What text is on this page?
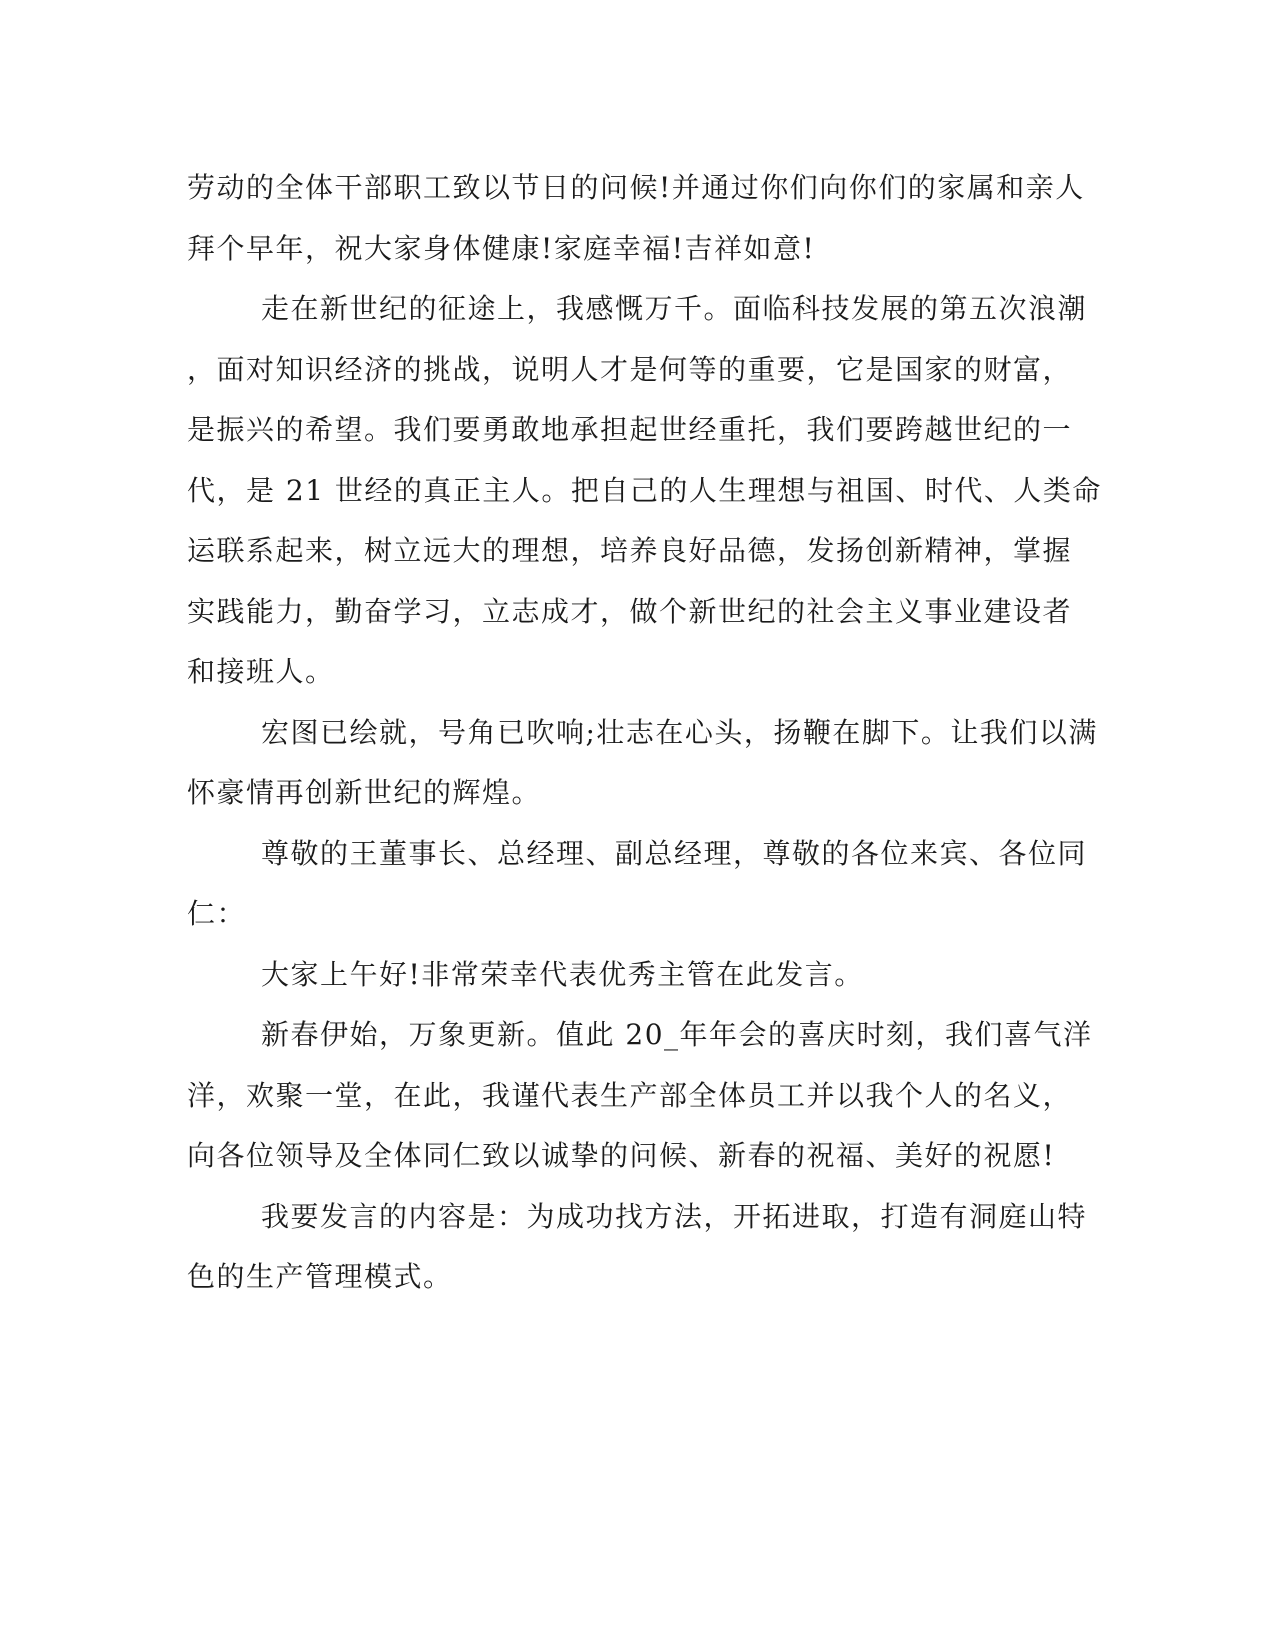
劳动的全体干部职工致以节日的问候!并通过你们向你们的家属和亲人
拜个早年，祝大家身体健康!家庭幸福!吉祥如意!
走在新世纪的征途上，我感慨万千。面临科技发展的第五次浪潮
，面对知识经济的挑战，说明人才是何等的重要，它是国家的财富，
是振兴的希望。我们要勇敢地承担起世经重托，我们要跨越世纪的一
代，是 21 世经的真正主人。把自己的人生理想与祖国、时代、人类命
运联系起来，树立远大的理想，培养良好品德，发扬创新精神，掌握
实践能力，勤奋学习，立志成才，做个新世纪的社会主义事业建设者
和接班人。
宏图已绘就，号角已吹响;壮志在心头，扬鞭在脚下。让我们以满
怀豪情再创新世纪的辉煌。
尊敬的王董事长、总经理、副总经理，尊敬的各位来宾、各位同
仁：
大家上午好!非常荣幸代表优秀主管在此发言。
新春伊始，万象更新。值此 20_年年会的喜庆时刻，我们喜气洋
洋，欢聚一堂，在此，我谨代表生产部全体员工并以我个人的名义，
向各位领导及全体同仁致以诚挚的问候、新春的祝福、美好的祝愿!
我要发言的内容是：为成功找方法，开拓进取，打造有洞庭山特
色的生产管理模式。
